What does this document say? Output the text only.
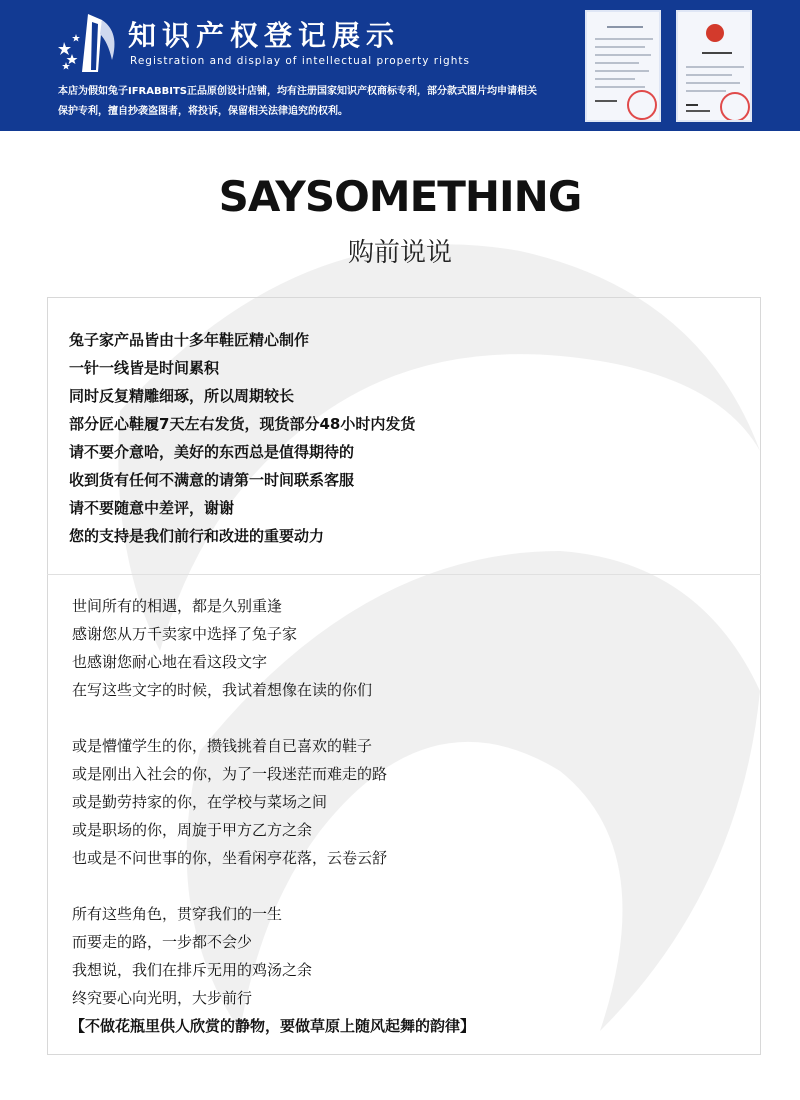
知识产权登记展示
Registration and display of intellectual property rights
本店为假如兔子IFRABBITS正品原创设计店铺，均有注册国家知识产权商标专利，部分款式图片均申请相关
保护专利，擅自抄袭盗图者，将投诉，保留相关法律追究的权利。
SAYSOMETHING
购前说说
兔子家产品皆由十多年鞋匠精心制作
一针一线皆是时间累积
同时反复精雕细琢，所以周期较长
部分匠心鞋履7天左右发货，现货部分48小时内发货
请不要介意哈，美好的东西总是值得期待的
收到货有任何不满意的请第一时间联系客服
请不要随意中差评，谢谢
您的支持是我们前行和改进的重要动力
世间所有的相遇，都是久别重逢
感谢您从万千卖家中选择了兔子家
也感谢您耐心地在看这段文字
在写这些文字的时候，我试着想像在读的你们
或是懵懂学生的你，攒钱挑着自已喜欢的鞋子
或是刚出入社会的你，为了一段迷茫而难走的路
或是勤劳持家的你，在学校与菜场之间
或是职场的你，周旋于甲方乙方之余
也或是不问世事的你，坐看闲亭花落，云卷云舒
所有这些角色，贯穿我们的一生
而要走的路，一步都不会少
我想说，我们在排斥无用的鸡汤之余
终究要心向光明，大步前行
【不做花瓶里供人欣赏的静物，要做草原上随风起舞的韵律】
